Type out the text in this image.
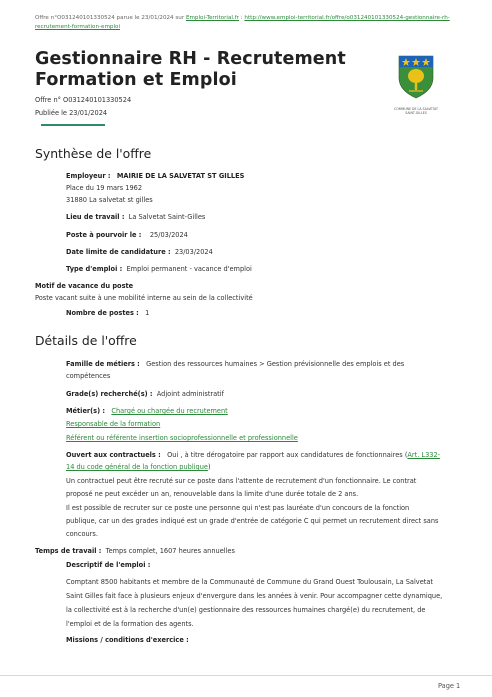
Offre n°O031240101330524 parue le 23/01/2024 sur Emploi-Territorial.fr : http://www.emploi-territorial.fr/offre/o031240101330524-gestionnaire-rh-recrutement-formation-emploi
Gestionnaire RH - Recrutement Formation et Emploi
Offre n° O031240101330524
Publiée le 23/01/2024	COMMUNE DE LA SALVETAT SAINT-GILLES
Synthèse de l'offre
Employeur : MAIRIE DE LA SALVETAT ST GILLES
Place du 19 mars 1962
31880 La salvetat st gilles
Lieu de travail : La Salvetat Saint-Gilles
Poste à pourvoir le : 25/03/2024
Date limite de candidature : 23/03/2024
Type d'emploi : Emploi permanent - vacance d'emploi
Motif de vacance du poste
Poste vacant suite à une mobilité interne au sein de la collectivité
Nombre de postes : 1
Détails de l'offre
Famille de métiers : Gestion des ressources humaines > Gestion prévisionnelle des emplois et des
compétences
Grade(s) recherché(s) : Adjoint administratif
Métier(s) : Chargé ou chargée du recrutement
Responsable de la formation
Référent ou référente insertion socioprofessionnelle et professionnelle
Ouvert aux contractuels : Oui , à titre dérogatoire par rapport aux candidatures de fonctionnaires (Art. L332-
14 du code général de la fonction publique)
Un contractuel peut être recruté sur ce poste dans l'attente de recrutement d'un fonctionnaire. Le contrat
proposé ne peut excéder un an, renouvelable dans la limite d'une durée totale de 2 ans.
Il est possible de recruter sur ce poste une personne qui n'est pas lauréate d'un concours de la fonction
publique, car un des grades indiqué est un grade d'entrée de catégorie C qui permet un recrutement direct sans
concours.
Temps de travail : Temps complet, 1607 heures annuelles
Descriptif de l'emploi :
Comptant 8500 habitants et membre de la Communauté de Commune du Grand Ouest Toulousain, La Salvetat
Saint Gilles fait face à plusieurs enjeux d'envergure dans les années à venir. Pour accompagner cette dynamique,
la collectivité est à la recherche d'un(e) gestionnaire des ressources humaines chargé(e) du recrutement, de
l'emploi et de la formation des agents.
Missions / conditions d'exercice :
Page 1
